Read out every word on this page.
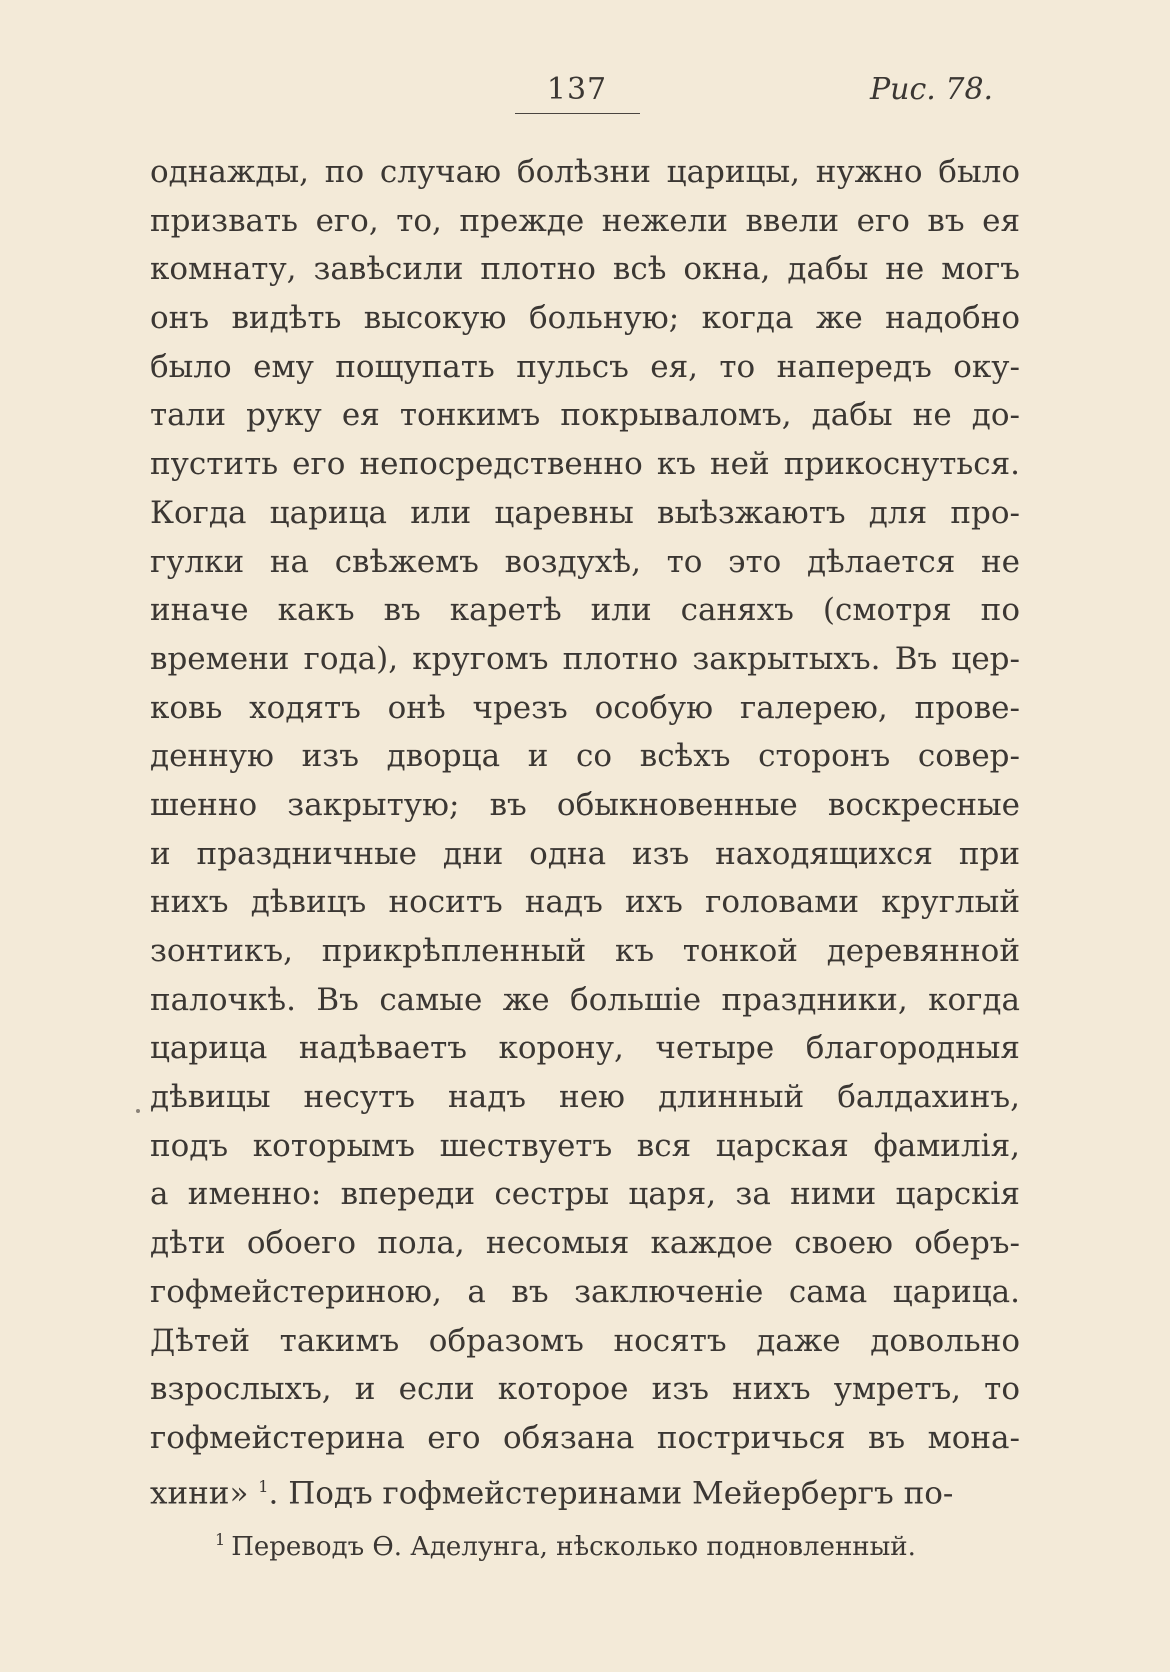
137	Рис. 78.
однажды, по случаю болѣзни царицы, нужно было
призвать его, то, прежде нежели ввели его въ ея
комнату, завѣсили плотно всѣ окна, дабы не могъ
онъ видѣть высокую больную; когда же надобно
было ему пощупать пульсъ ея, то напередъ оку-
тали руку ея тонкимъ покрываломъ, дабы не до-
пустить его непосредственно къ ней прикоснуться.
Когда царица или царевны выѣзжаютъ для про-
гулки на свѣжемъ воздухѣ, то это дѣлается не
иначе какъ въ каретѣ или саняхъ (смотря по
времени года), кругомъ плотно закрытыхъ. Въ цер-
ковь ходятъ онѣ чрезъ особую галерею, прове-
денную изъ дворца и со всѣхъ сторонъ совер-
шенно закрытую; въ обыкновенные воскресные
и праздничные дни одна изъ находящихся при
нихъ дѣвицъ носитъ надъ ихъ головами круглый
зонтикъ, прикрѣпленный къ тонкой деревянной
палочкѣ. Въ самые же большіе праздники, когда
царица надѣваетъ корону, четыре благородныя
дѣвицы несутъ надъ нею длинный балдахинъ,
подъ которымъ шествуетъ вся царская фамилія,
а именно: впереди сестры царя, за ними царскія
дѣти обоего пола, несомыя каждое своею оберъ-
гофмейстериною, а въ заключеніе сама царица.
Дѣтей такимъ образомъ носятъ даже довольно
взрослыхъ, и если которое изъ нихъ умретъ, то
гофмейстерина его обязана постричься въ мона-
хини» $^1$. Подъ гофмейстеринами Мейербергъ по-
$^1$ Переводъ Ѳ. Аделунга, нѣсколько подновленный.
